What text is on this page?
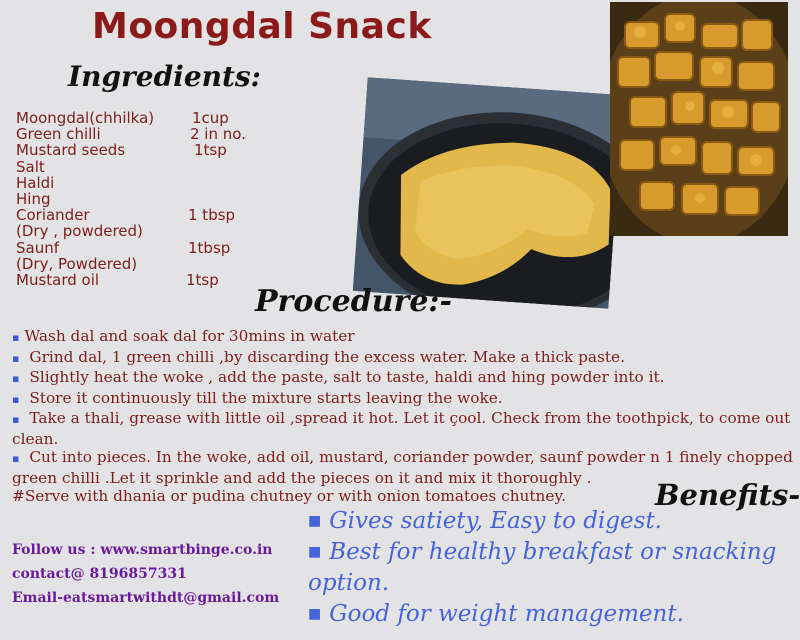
Moongdal Snack
Ingredients:
Moongdal(chhilka)	1cup
Green chilli	2 in no.
Mustard seeds	1tsp
Salt
Haldi
Hing
Coriander	1 tbsp
(Dry , powdered)
Saunf	1tbsp
(Dry, Powdered)
Mustard oil	1tsp
Procedure:-
▪ Wash dal and soak dal for 30mins in water
▪ Grind dal, 1 green chilli ,by discarding the excess water. Make a thick paste.
▪ Slightly heat the woke , add the paste, salt to taste, haldi and hing powder into it.
▪ Store it continuously till the mixture starts leaving the woke.
▪ Take a thali, grease with little oil ,spread it hot. Let it çool. Check from the toothpick, to come out clean.
▪ Cut into pieces. In the woke, add oil, mustard, coriander powder, saunf powder n 1 finely chopped green chilli .Let it sprinkle and add the pieces on it and mix it thoroughly .
#Serve with dhania or pudina chutney or with onion tomatoes chutney.	Benefits-
Follow us : www.smartbinge.co.in
contact@ 8196857331
Email-eatsmartwithdt@gmail.com
■ Gives satiety, Easy to digest.
■ Best for healthy breakfast or snacking option.
■ Good for weight management.
